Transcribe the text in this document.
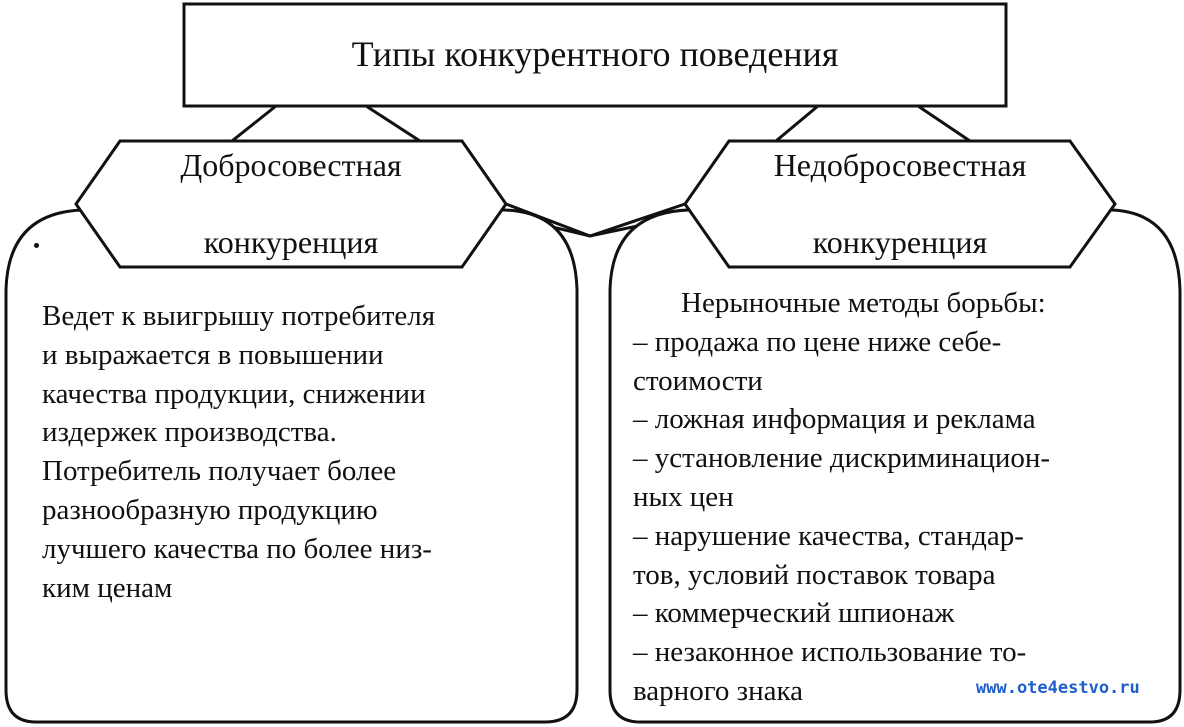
Типы конкурентного поведения

Добросовестная

конкуренция

Недобросовестная

конкуренция

Ведет к выигрышу потребителя
и выражается в повышении
качества продукции, снижении
издержек производства.
Потребитель получает более
разнообразную продукцию
лучшего качества по более низ-
ким ценам
Нерыночные методы борьбы:
– продажа по цене ниже себе-
стоимости
– ложная информация и реклама
– установление дискриминацион-
ных цен
– нарушение качества, стандар-
тов, условий поставок товара
– коммерческий шпионаж
– незаконное использование то-
варного знака	www.ote4estvo.ru
